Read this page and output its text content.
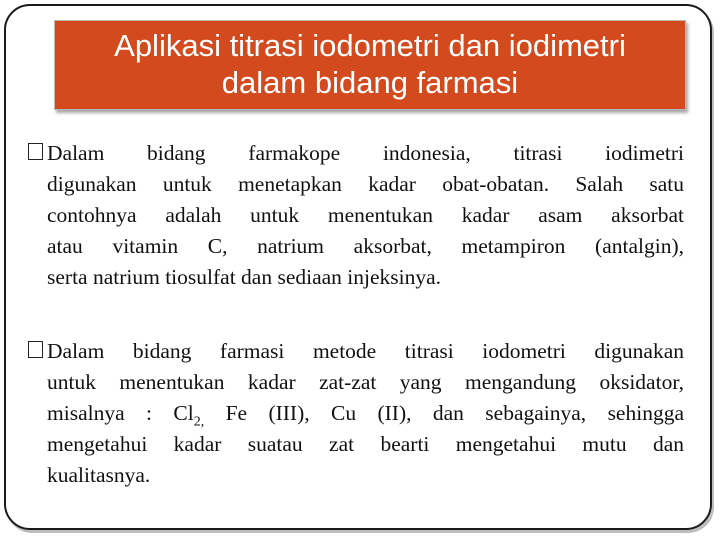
Aplikasi titrasi iodometri dan iodimetri
dalam bidang farmasi
Dalam bidang farmakope indonesia, titrasi iodimetri
digunakan untuk menetapkan kadar obat-obatan. Salah satu
contohnya adalah untuk menentukan kadar asam aksorbat
atau vitamin C, natrium aksorbat, metampiron (antalgin),
serta natrium tiosulfat dan sediaan injeksinya.
Dalam bidang farmasi metode titrasi iodometri digunakan
untuk menentukan kadar zat-zat yang mengandung oksidator,
misalnya : $Cl_{2,}$ Fe (III), Cu (II), dan sebagainya, sehingga
mengetahui kadar suatau zat bearti mengetahui mutu dan
kualitasnya.
